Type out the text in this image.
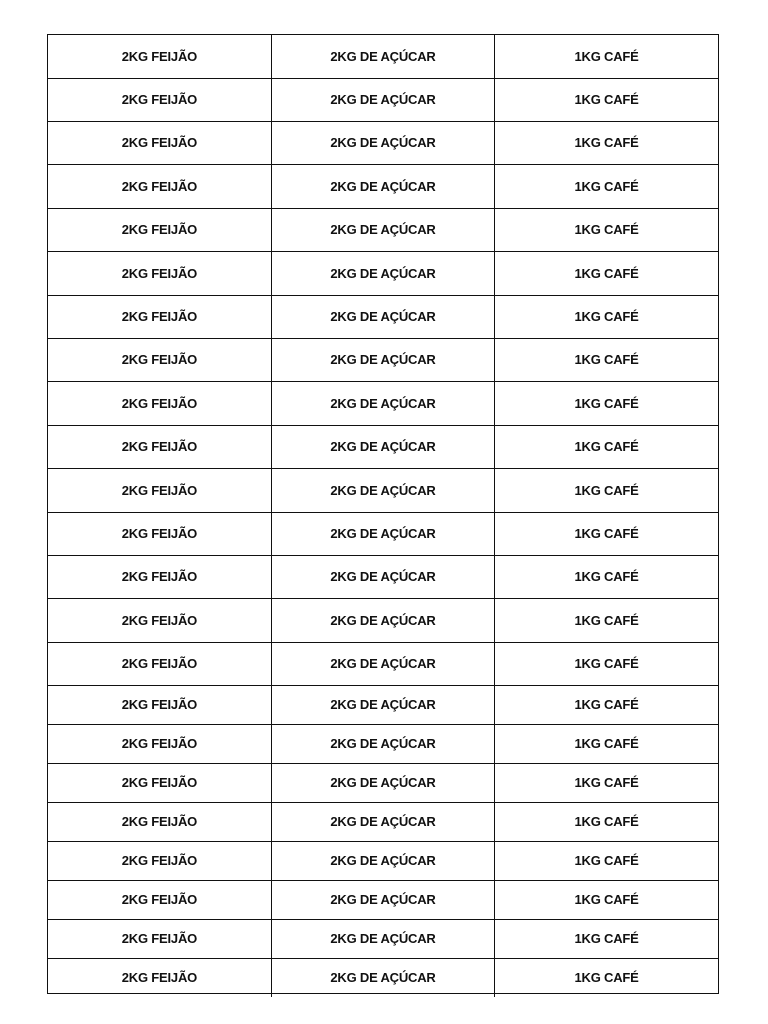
2KG FEIJÃO	2KG DE AÇÚCAR	1KG CAFÉ
2KG FEIJÃO	2KG DE AÇÚCAR	1KG CAFÉ
2KG FEIJÃO	2KG DE AÇÚCAR	1KG CAFÉ
2KG FEIJÃO	2KG DE AÇÚCAR	1KG CAFÉ
2KG FEIJÃO	2KG DE AÇÚCAR	1KG CAFÉ
2KG FEIJÃO	2KG DE AÇÚCAR	1KG CAFÉ
2KG FEIJÃO	2KG DE AÇÚCAR	1KG CAFÉ
2KG FEIJÃO	2KG DE AÇÚCAR	1KG CAFÉ
2KG FEIJÃO	2KG DE AÇÚCAR	1KG CAFÉ
2KG FEIJÃO	2KG DE AÇÚCAR	1KG CAFÉ
2KG FEIJÃO	2KG DE AÇÚCAR	1KG CAFÉ
2KG FEIJÃO	2KG DE AÇÚCAR	1KG CAFÉ
2KG FEIJÃO	2KG DE AÇÚCAR	1KG CAFÉ
2KG FEIJÃO	2KG DE AÇÚCAR	1KG CAFÉ
2KG FEIJÃO	2KG DE AÇÚCAR	1KG CAFÉ
2KG FEIJÃO	2KG DE AÇÚCAR	1KG CAFÉ
2KG FEIJÃO	2KG DE AÇÚCAR	1KG CAFÉ
2KG FEIJÃO	2KG DE AÇÚCAR	1KG CAFÉ
2KG FEIJÃO	2KG DE AÇÚCAR	1KG CAFÉ
2KG FEIJÃO	2KG DE AÇÚCAR	1KG CAFÉ
2KG FEIJÃO	2KG DE AÇÚCAR	1KG CAFÉ
2KG FEIJÃO	2KG DE AÇÚCAR	1KG CAFÉ
2KG FEIJÃO	2KG DE AÇÚCAR	1KG CAFÉ
